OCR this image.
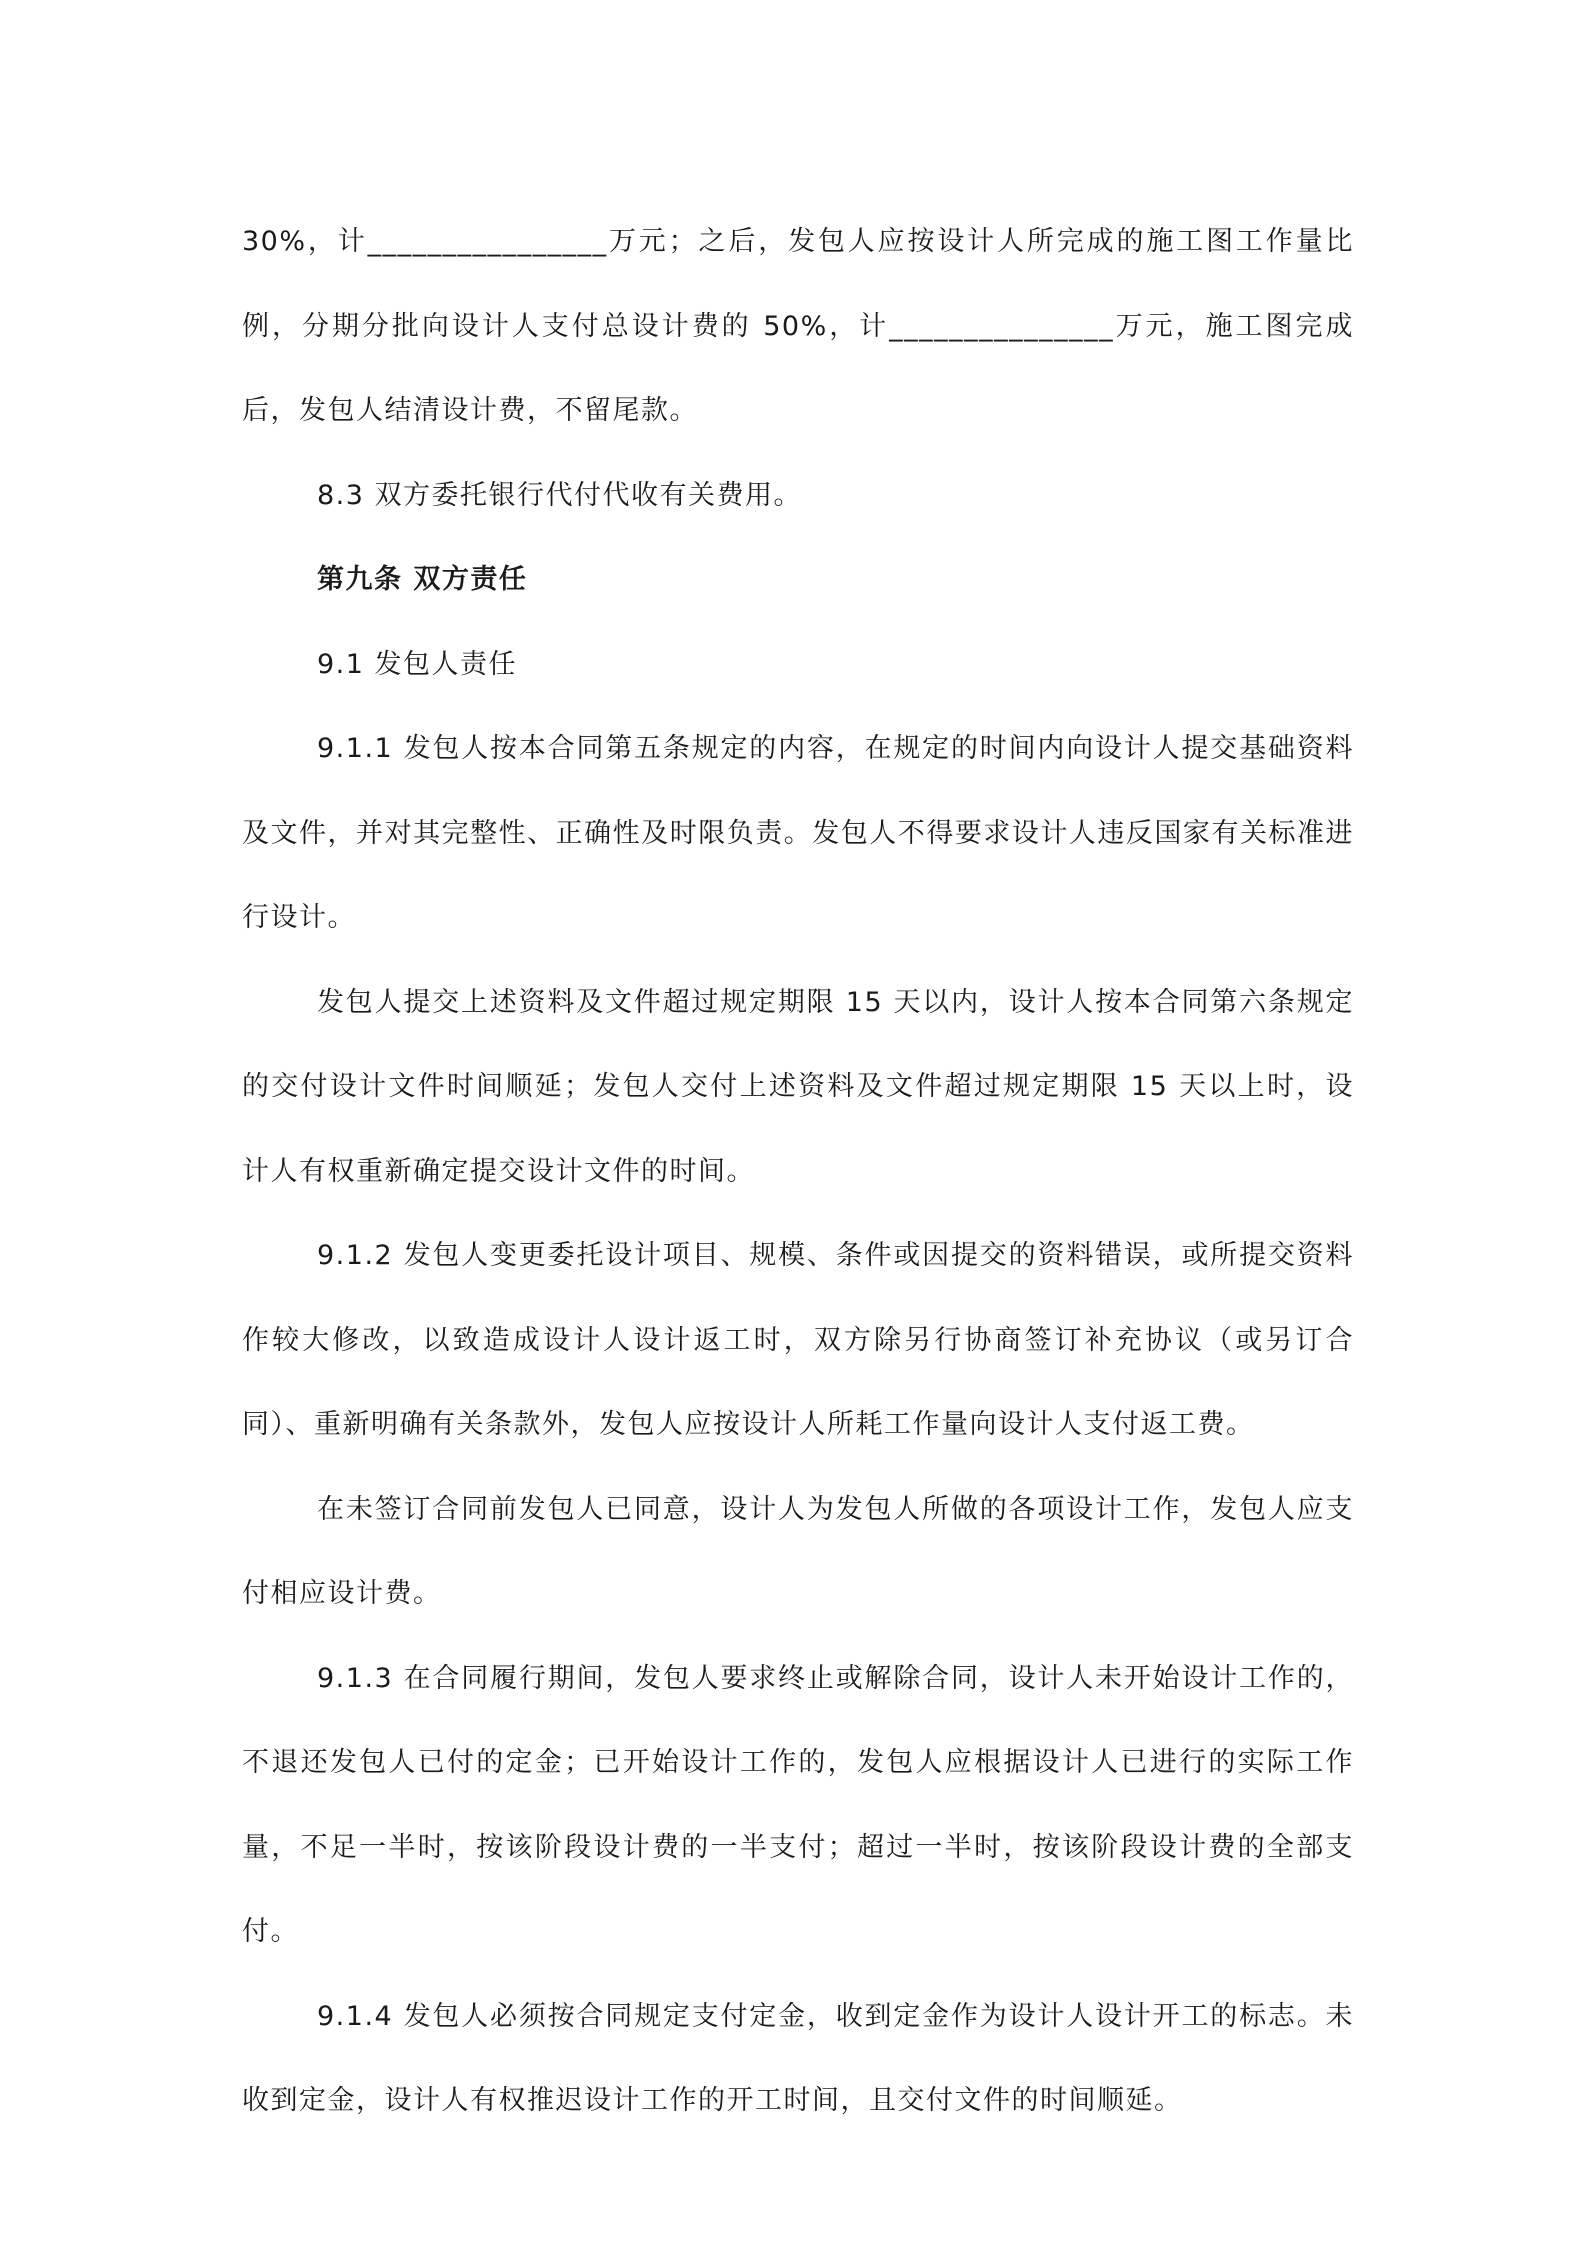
30%，计________________万元；之后，发包人应按设计人所完成的施工图工作量比例，分期分批向设计人支付总设计费的 50%，计_______________万元，施工图完成后，发包人结清设计费，不留尾款。

8.3 双方委托银行代付代收有关费用。

第九条 双方责任

9.1 发包人责任

9.1.1 发包人按本合同第五条规定的内容，在规定的时间内向设计人提交基础资料及文件，并对其完整性、正确性及时限负责。发包人不得要求设计人违反国家有关标准进行设计。

发包人提交上述资料及文件超过规定期限 15 天以内，设计人按本合同第六条规定的交付设计文件时间顺延；发包人交付上述资料及文件超过规定期限 15 天以上时，设计人有权重新确定提交设计文件的时间。

9.1.2 发包人变更委托设计项目、规模、条件或因提交的资料错误，或所提交资料作较大修改，以致造成设计人设计返工时，双方除另行协商签订补充协议（或另订合同）、重新明确有关条款外，发包人应按设计人所耗工作量向设计人支付返工费。

在未签订合同前发包人已同意，设计人为发包人所做的各项设计工作，发包人应支付相应设计费。

9.1.3 在合同履行期间，发包人要求终止或解除合同，设计人未开始设计工作的，不退还发包人已付的定金；已开始设计工作的，发包人应根据设计人已进行的实际工作量，不足一半时，按该阶段设计费的一半支付；超过一半时，按该阶段设计费的全部支付。

9.1.4 发包人必须按合同规定支付定金，收到定金作为设计人设计开工的标志。未收到定金，设计人有权推迟设计工作的开工时间，且交付文件的时间顺延。
